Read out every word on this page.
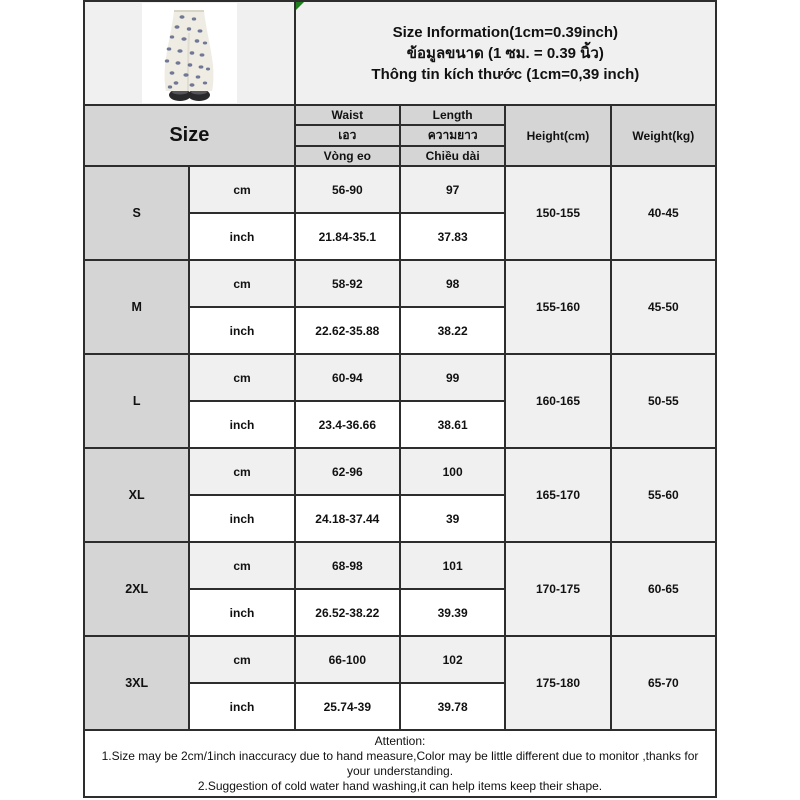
Size Information(1cm=0.39inch)
ข้อมูลขนาด (1 ซม. = 0.39 นิ้ว)
Thông tin kích thước (1cm=0,39 inch)			

Size		Waist	Length	Height(cm)	Weight(kg)
		เอว	ความยาว		
		Vòng eo	Chiều dài		
S	cm	56-90	97	150-155	40-45
	inch	21.84-35.1	37.83		
M	cm	58-92	98	155-160	45-50
	inch	22.62-35.88	38.22		
L	cm	60-94	99	160-165	50-55
	inch	23.4-36.66	38.61		
XL	cm	62-96	100	165-170	55-60
	inch	24.18-37.44	39		
2XL	cm	68-98	101	170-175	60-65
	inch	26.52-38.22	39.39		
3XL	cm	66-100	102	175-180	65-70
	inch	25.74-39	39.78		

Attention:
1.Size may be 2cm/1inch inaccuracy due to hand measure,Color may be little different due to monitor ,thanks for your understanding.
2.Suggestion of cold water hand washing,it can help items keep their shape.					
